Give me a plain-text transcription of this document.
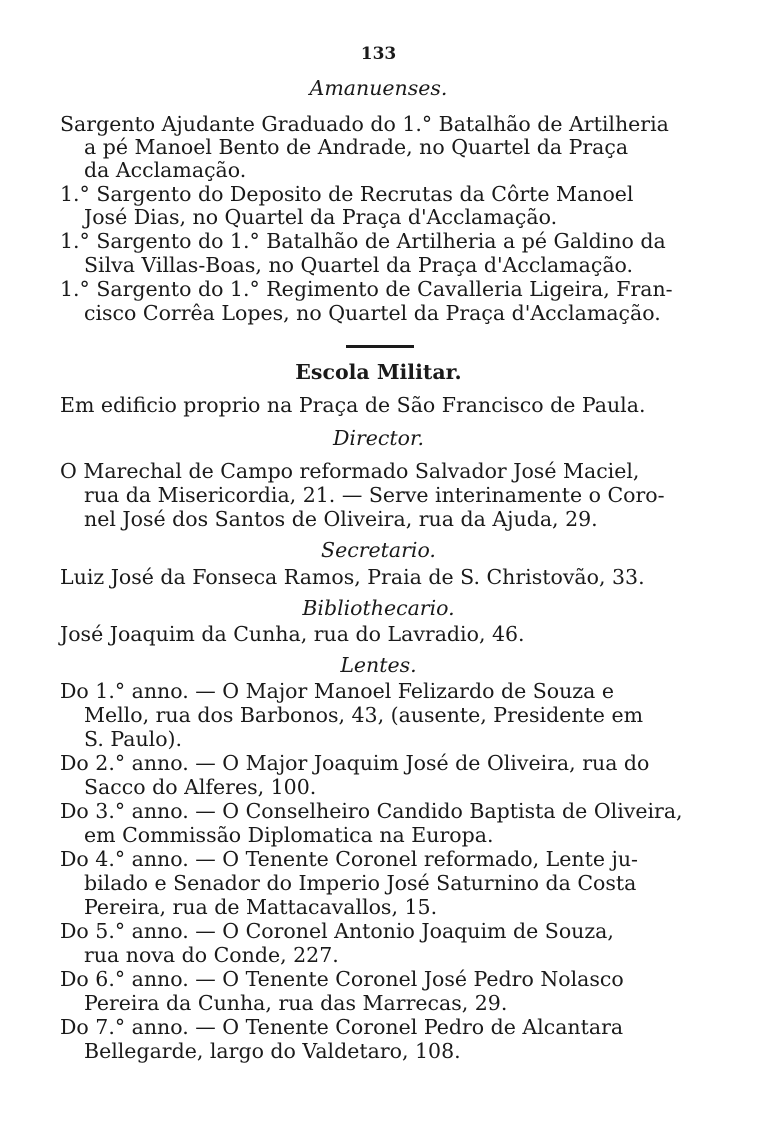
133
Amanuenses.
Sargento Ajudante Graduado do 1.° Batalhão de Artilheria
a pé Manoel Bento de Andrade, no Quartel da Praça
da Acclamação.
1.° Sargento do Deposito de Recrutas da Côrte Manoel
José Dias, no Quartel da Praça d'Acclamação.
1.° Sargento do 1.° Batalhão de Artilheria a pé Galdino da
Silva Villas-Boas, no Quartel da Praça d'Acclamação.
1.° Sargento do 1.° Regimento de Cavalleria Ligeira, Fran-
cisco Corrêa Lopes, no Quartel da Praça d'Acclamação.
Escola Militar.
Em edificio proprio na Praça de São Francisco de Paula.
Director.
O Marechal de Campo reformado Salvador José Maciel,
rua da Misericordia, 21. — Serve interinamente o Coro-
nel José dos Santos de Oliveira, rua da Ajuda, 29.
Secretario.
Luiz José da Fonseca Ramos, Praia de S. Christovão, 33.
Bibliothecario.
José Joaquim da Cunha, rua do Lavradio, 46.
Lentes.
Do 1.° anno. — O Major Manoel Felizardo de Souza e
Mello, rua dos Barbonos, 43, (ausente, Presidente em
S. Paulo).
Do 2.° anno. — O Major Joaquim José de Oliveira, rua do
Sacco do Alferes, 100.
Do 3.° anno. — O Conselheiro Candido Baptista de Oliveira,
em Commissão Diplomatica na Europa.
Do 4.° anno. — O Tenente Coronel reformado, Lente ju-
bilado e Senador do Imperio José Saturnino da Costa
Pereira, rua de Mattacavallos, 15.
Do 5.° anno. — O Coronel Antonio Joaquim de Souza,
rua nova do Conde, 227.
Do 6.° anno. — O Tenente Coronel José Pedro Nolasco
Pereira da Cunha, rua das Marrecas, 29.
Do 7.° anno. — O Tenente Coronel Pedro de Alcantara
Bellegarde, largo do Valdetaro, 108.
